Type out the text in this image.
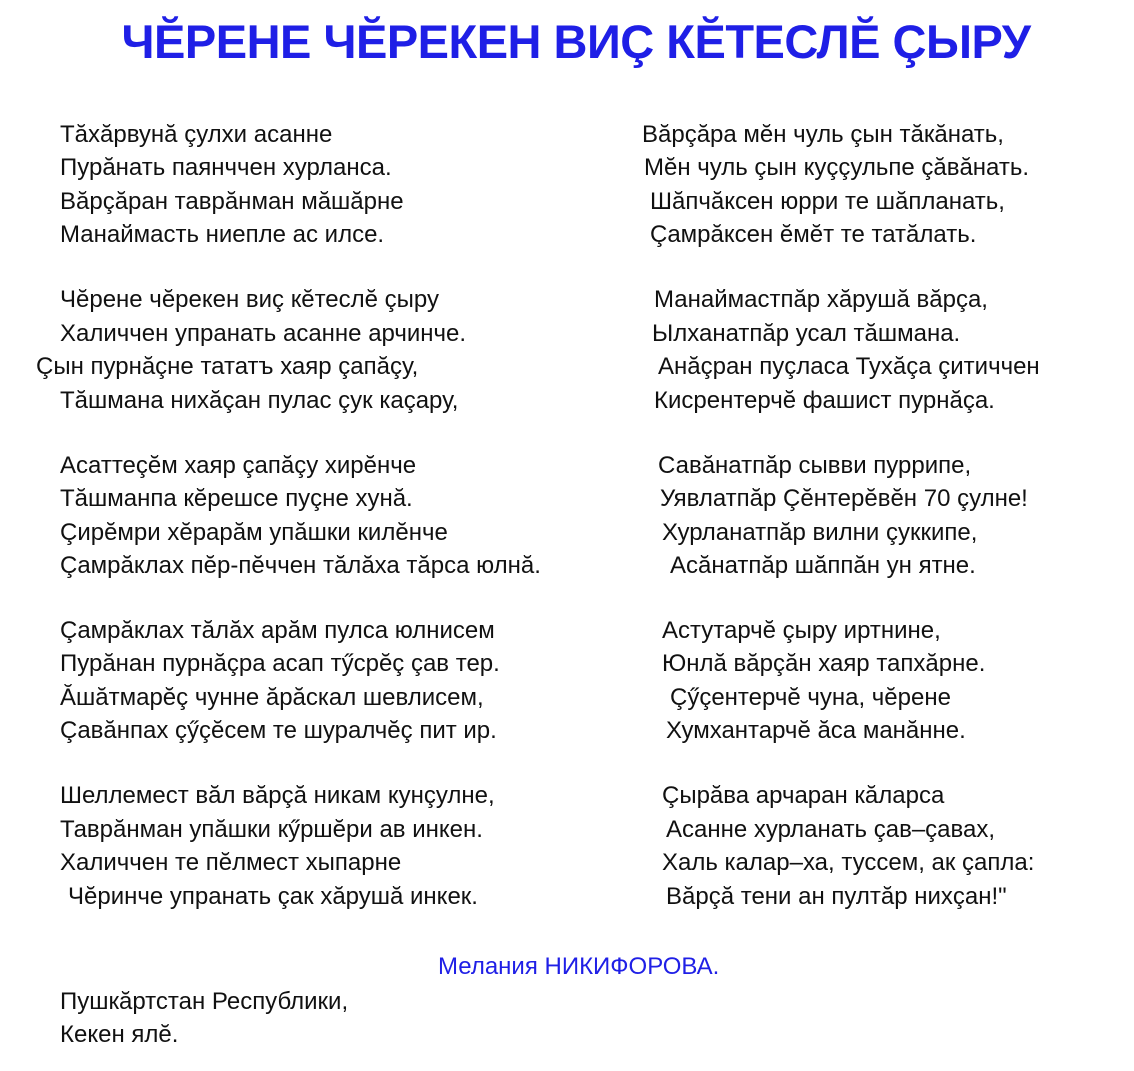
ЧĔРЕНЕ ЧĔРЕКЕН ВИÇ КĔТЕСЛĔ ÇЫРУ
Тăхăрвунă çулхи асанне
Пурăнать паянччен хурланса.
Вăрçăран таврăнман мăшăрне
Манаймасть ниепле ас илсе.
Чĕрене чĕрекен виç кĕтеслĕ çыру
Халиччен упранать асанне арчинче.
Çын пурнăçне тататъ хаяр çапăçу,
Тăшмана нихăçан пулас çук каçару,
Асаттеçĕм хаяр çапăçу хирĕнче
Тăшманпа кĕрешсе пуçне хунă.
Çирĕмри хĕрарăм упăшки килĕнче
Çамрăклах пĕр-пĕччен тăлăха тăрса юлнă.
Çамрăклах тăлăх арăм пулса юлнисем
Пурăнан пурнăçра асап тӳсрĕç çав тер.
Ăшăтмарĕç чунне ăрăскал шевлисем,
Çавăнпах çӳçĕсем те шуралчĕç пит ир.
Шеллемест вăл вăрçă никам кунçулне,
Таврăнман упăшки кӳршĕри ав инкен.
Халиччен те пĕлмест хыпарне
Чĕринче упранать çак хăрушă инкек.
Вăрçăра мĕн чуль çын тăкăнать,
Мĕн чуль çын куççульпе çăвăнать.
Шăпчăксен юрри те шăпланать,
Çамрăксен ĕмĕт те татăлать.
Манаймастпăр хăрушă вăрçа,
Ылханатпăр усал тăшмана.
Анăçран пуçласа Тухăça çитиччен
Кисрентерчĕ фашист пурнăça.
Савăнатпăр сывви пуррипе,
Уявлатпăр Çĕнтерĕвĕн 70 çулне!
Хурланатпăр вилни çуккипе,
Асăнатпăр шăппăн ун ятне.
Астутарчĕ çыру иртнине,
Юнлă вăрçăн хаяр тапхăрне.
Çӳçентерчĕ чуна, чĕрене
Хумхантарчĕ ăса манăнне.
Çырăва арчаран кăларса
Асанне хурланать çав–çавах,
Халь калар–ха, туссем, ак çапла:
Вăрçă тени ан пултăр нихçан!"
Мелания НИКИФОРОВА.
Пушкăртстан Республики,
Кекен ялĕ.
